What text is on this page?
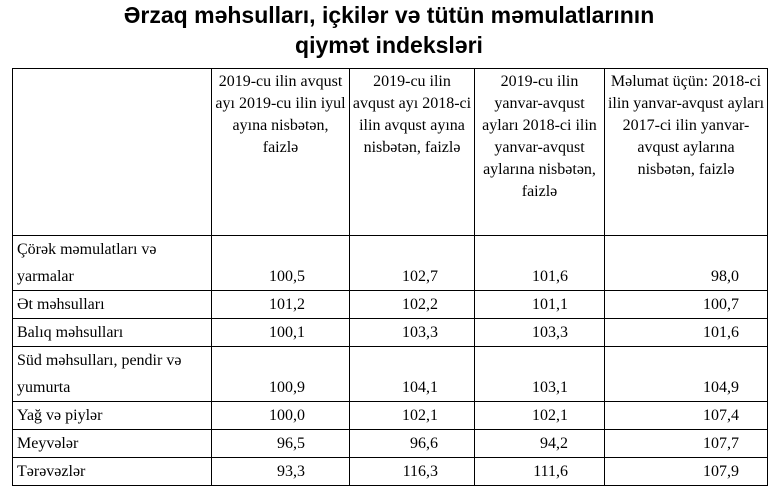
Ərzaq məhsulları, içkilər və tütün məmulatlarının
qiymət indeksləri
	2019-cu ilin avqust ayı 2019-cu ilin iyul ayına nisbətən, faizlə	2019-cu ilin avqust ayı 2018-ci ilin avqust ayına nisbətən, faizlə	2019-cu ilin yanvar-avqust ayları 2018-ci ilin yanvar-avqust aylarına nisbətən, faizlə	Məlumat üçün: 2018-ci ilin yanvar-avqust ayları 2017-ci ilin yanvar-avqust aylarına nisbətən, faizlə
Çörək məmulatları və yarmalar	100,5	102,7	101,6	98,0
Ət məhsulları	101,2	102,2	101,1	100,7
Balıq məhsulları	100,1	103,3	103,3	101,6
Süd məhsulları, pendir və yumurta	100,9	104,1	103,1	104,9
Yağ və piylər	100,0	102,1	102,1	107,4
Meyvələr	96,5	96,6	94,2	107,7
Tərəvəzlər	93,3	116,3	111,6	107,9
